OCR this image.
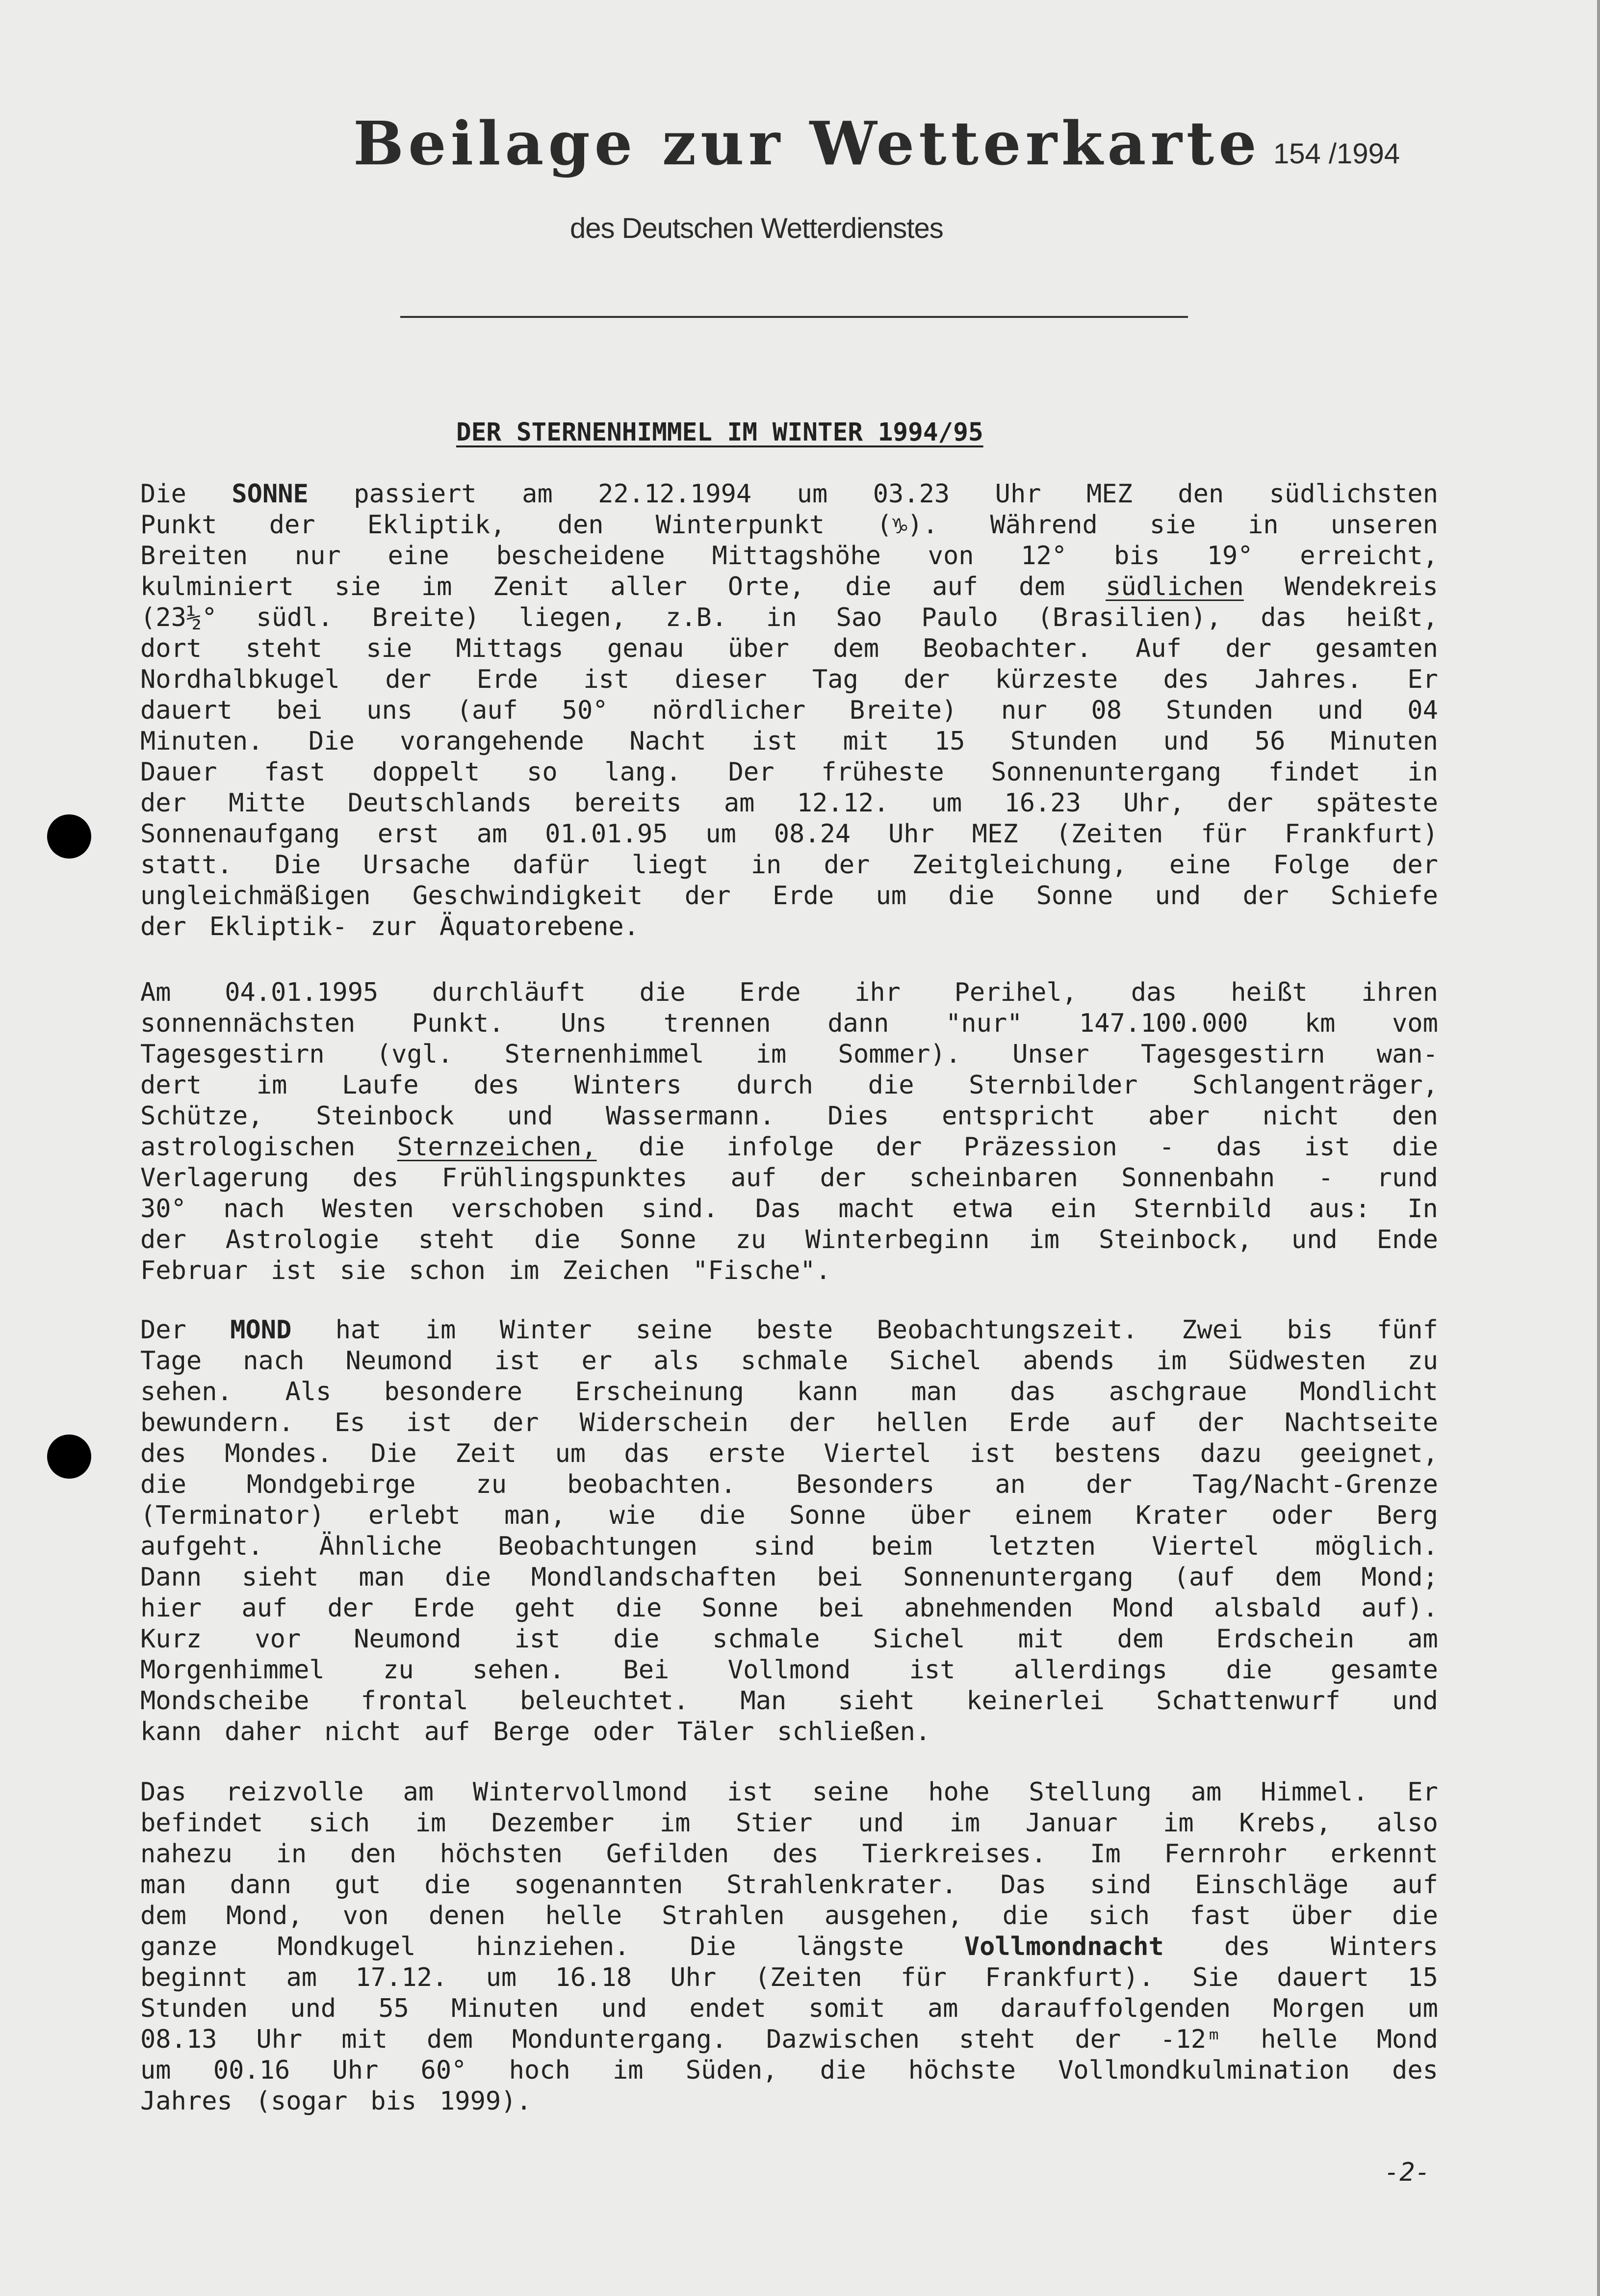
Beilage zur Wetterkarte 154 /1994
des Deutschen Wetterdienstes
DER STERNENHIMMEL IM WINTER 1994/95
Die SONNE passiert am 22.12.1994 um 03.23 Uhr MEZ den südlichsten
Punkt der Ekliptik, den Winterpunkt (♑). Während sie in unseren
Breiten nur eine bescheidene Mittagshöhe von 12° bis 19° erreicht,
kulminiert sie im Zenit aller Orte, die auf dem südlichen Wendekreis
(23½° südl. Breite) liegen, z.B. in Sao Paulo (Brasilien), das heißt,
dort steht sie Mittags genau über dem Beobachter. Auf der gesamten
Nordhalbkugel der Erde ist dieser Tag der kürzeste des Jahres. Er
dauert bei uns (auf 50° nördlicher Breite) nur 08 Stunden und 04
Minuten. Die vorangehende Nacht ist mit 15 Stunden und 56 Minuten
Dauer fast doppelt so lang. Der früheste Sonnenuntergang findet in
der Mitte Deutschlands bereits am 12.12. um 16.23 Uhr, der späteste
Sonnenaufgang erst am 01.01.95 um 08.24 Uhr MEZ (Zeiten für Frankfurt)
statt. Die Ursache dafür liegt in der Zeitgleichung, eine Folge der
ungleichmäßigen Geschwindigkeit der Erde um die Sonne und der Schiefe
der Ekliptik- zur Äquatorebene.
Am 04.01.1995 durchläuft die Erde ihr Perihel, das heißt ihren
sonnennächsten Punkt. Uns trennen dann "nur" 147.100.000 km vom
Tagesgestirn (vgl. Sternenhimmel im Sommer). Unser Tagesgestirn wan-
dert im Laufe des Winters durch die Sternbilder Schlangenträger,
Schütze, Steinbock und Wassermann. Dies entspricht aber nicht den
astrologischen Sternzeichen, die infolge der Präzession - das ist die
Verlagerung des Frühlingspunktes auf der scheinbaren Sonnenbahn - rund
30° nach Westen verschoben sind. Das macht etwa ein Sternbild aus: In
der Astrologie steht die Sonne zu Winterbeginn im Steinbock, und Ende
Februar ist sie schon im Zeichen "Fische".
Der MOND hat im Winter seine beste Beobachtungszeit. Zwei bis fünf
Tage nach Neumond ist er als schmale Sichel abends im Südwesten zu
sehen. Als besondere Erscheinung kann man das aschgraue Mondlicht
bewundern. Es ist der Widerschein der hellen Erde auf der Nachtseite
des Mondes. Die Zeit um das erste Viertel ist bestens dazu geeignet,
die Mondgebirge zu beobachten. Besonders an der Tag/Nacht-Grenze
(Terminator) erlebt man, wie die Sonne über einem Krater oder Berg
aufgeht. Ähnliche Beobachtungen sind beim letzten Viertel möglich.
Dann sieht man die Mondlandschaften bei Sonnenuntergang (auf dem Mond;
hier auf der Erde geht die Sonne bei abnehmenden Mond alsbald auf).
Kurz vor Neumond ist die schmale Sichel mit dem Erdschein am
Morgenhimmel zu sehen. Bei Vollmond ist allerdings die gesamte
Mondscheibe frontal beleuchtet. Man sieht keinerlei Schattenwurf und
kann daher nicht auf Berge oder Täler schließen.
Das reizvolle am Wintervollmond ist seine hohe Stellung am Himmel. Er
befindet sich im Dezember im Stier und im Januar im Krebs, also
nahezu in den höchsten Gefilden des Tierkreises. Im Fernrohr erkennt
man dann gut die sogenannten Strahlenkrater. Das sind Einschläge auf
dem Mond, von denen helle Strahlen ausgehen, die sich fast über die
ganze Mondkugel hinziehen. Die längste Vollmondnacht des Winters
beginnt am 17.12. um 16.18 Uhr (Zeiten für Frankfurt). Sie dauert 15
Stunden und 55 Minuten und endet somit am darauffolgenden Morgen um
08.13 Uhr mit dem Monduntergang. Dazwischen steht der -12ᵐ helle Mond
um 00.16 Uhr 60° hoch im Süden, die höchste Vollmondkulmination des
Jahres (sogar bis 1999).
-2-
